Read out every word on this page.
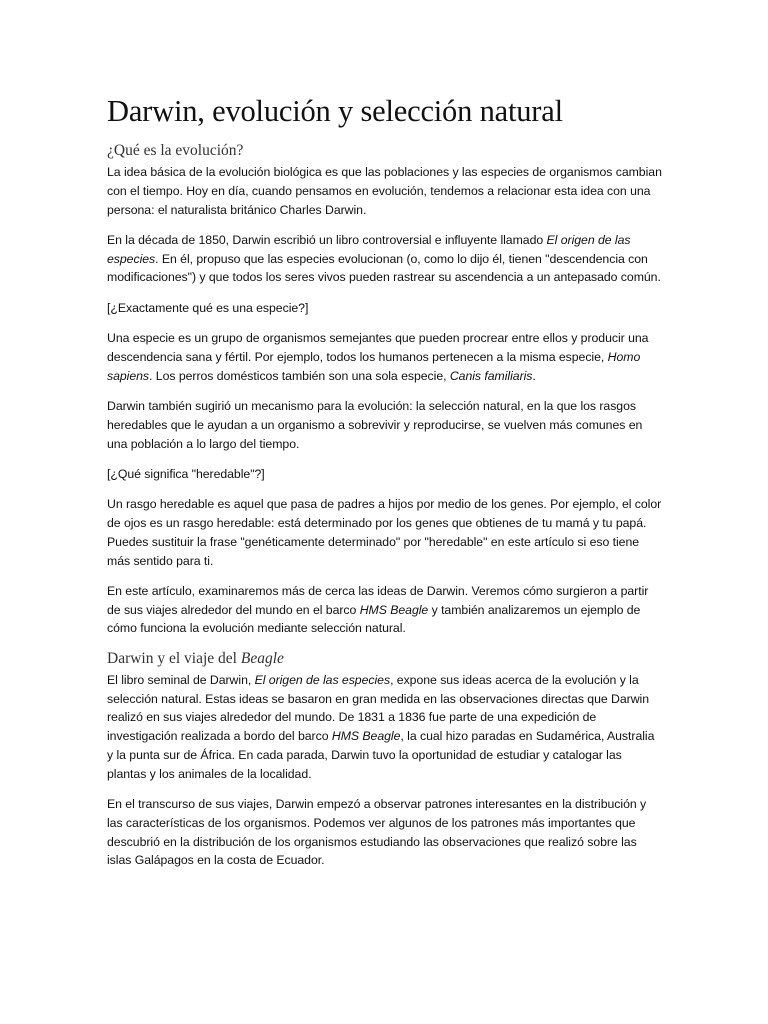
Darwin, evolución y selección natural
¿Qué es la evolución?

La idea básica de la evolución biológica es que las poblaciones y las especies de organismos cambian con el tiempo. Hoy en día, cuando pensamos en evolución, tendemos a relacionar esta idea con una persona: el naturalista británico Charles Darwin.

En la década de 1850, Darwin escribió un libro controversial e influyente llamado El origen de las especies. En él, propuso que las especies evolucionan (o, como lo dijo él, tienen "descendencia con modificaciones") y que todos los seres vivos pueden rastrear su ascendencia a un antepasado común.

[¿Exactamente qué es una especie?]

Una especie es un grupo de organismos semejantes que pueden procrear entre ellos y producir una descendencia sana y fértil. Por ejemplo, todos los humanos pertenecen a la misma especie, Homo sapiens. Los perros domésticos también son una sola especie, Canis familiaris.

Darwin también sugirió un mecanismo para la evolución: la selección natural, en la que los rasgos heredables que le ayudan a un organismo a sobrevivir y reproducirse, se vuelven más comunes en una población a lo largo del tiempo.

[¿Qué significa "heredable"?]

Un rasgo heredable es aquel que pasa de padres a hijos por medio de los genes. Por ejemplo, el color de ojos es un rasgo heredable: está determinado por los genes que obtienes de tu mamá y tu papá. Puedes sustituir la frase "genéticamente determinado" por "heredable" en este artículo si eso tiene más sentido para ti.

En este artículo, examinaremos más de cerca las ideas de Darwin. Veremos cómo surgieron a partir de sus viajes alrededor del mundo en el barco HMS Beagle y también analizaremos un ejemplo de cómo funciona la evolución mediante selección natural.

Darwin y el viaje del Beagle

El libro seminal de Darwin, El origen de las especies, expone sus ideas acerca de la evolución y la selección natural. Estas ideas se basaron en gran medida en las observaciones directas que Darwin realizó en sus viajes alrededor del mundo. De 1831 a 1836 fue parte de una expedición de investigación realizada a bordo del barco HMS Beagle, la cual hizo paradas en Sudamérica, Australia y la punta sur de África. En cada parada, Darwin tuvo la oportunidad de estudiar y catalogar las plantas y los animales de la localidad.

En el transcurso de sus viajes, Darwin empezó a observar patrones interesantes en la distribución y las características de los organismos. Podemos ver algunos de los patrones más importantes que descubrió en la distribución de los organismos estudiando las observaciones que realizó sobre las islas Galápagos en la costa de Ecuador.
